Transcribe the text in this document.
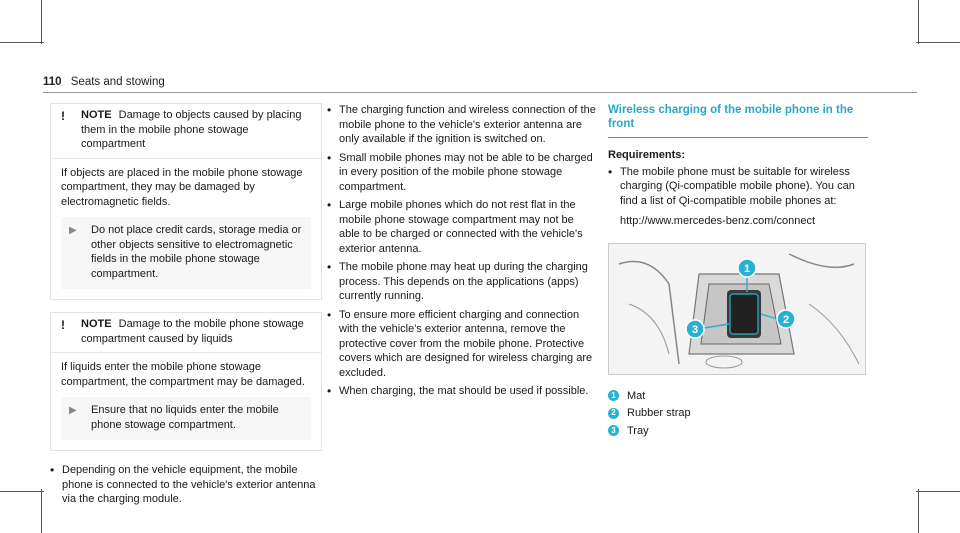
110 Seats and stowing
!	NOTE Damage to objects caused by placing them in the mobile phone stowage compartment

If objects are placed in the mobile phone stowage compartment, they may be damaged by electromagnetic fields.

▶	Do not place credit cards, storage media or other objects sensitive to electromagnetic fields in the mobile phone stowage compartment.
!	NOTE Damage to the mobile phone stowage compartment caused by liquids

If liquids enter the mobile phone stowage compartment, the compartment may be damaged.

▶	Ensure that no liquids enter the mobile phone stowage compartment.
• Depending on the vehicle equipment, the mobile phone is connected to the vehicle's exterior antenna via the charging module.
• The charging function and wireless connection of the mobile phone to the vehicle's exterior antenna are only available if the ignition is switched on.
• Small mobile phones may not be able to be charged in every position of the mobile phone stowage compartment.
• Large mobile phones which do not rest flat in the mobile phone stowage compartment may not be able to be charged or connected with the vehicle's exterior antenna.
• The mobile phone may heat up during the charging process. This depends on the applications (apps) currently running.
• To ensure more efficient charging and connection with the vehicle's exterior antenna, remove the protective cover from the mobile phone. Protective covers which are designed for wireless charging are excluded.
• When charging, the mat should be used if possible.
Wireless charging of the mobile phone in the front
Requirements:
• The mobile phone must be suitable for wireless charging (Qi-compatible mobile phone). You can find a list of Qi-compatible mobile phones at:
http://www.mercedes-benz.com/connect
1
2
3
1 Mat
2 Rubber strap
3 Tray
